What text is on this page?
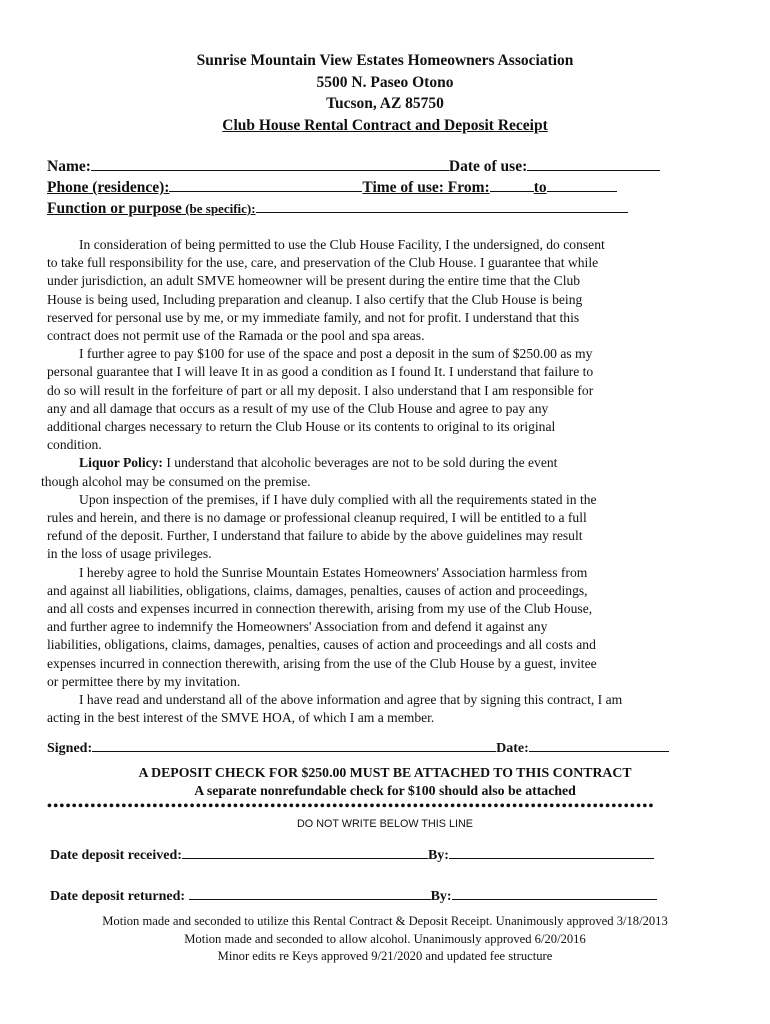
Sunrise Mountain View Estates Homeowners Association
5500 N. Paseo Otono
Tucson, AZ 85750
Club House Rental Contract and Deposit Receipt
Name:	Date of use:
Phone (residence):	Time of use: From:	to
Function or purpose (be specific):
In consideration of being permitted to use the Club House Facility, I the undersigned, do consent
to take full responsibility for the use, care, and preservation of the Club House. I guarantee that while
under jurisdiction, an adult SMVE homeowner will be present during the entire time that the Club
House is being used, Including preparation and cleanup. I also certify that the Club House is being
reserved for personal use by me, or my immediate family, and not for profit. I understand that this
contract does not permit use of the Ramada or the pool and spa areas.
I further agree to pay $100 for use of the space and post a deposit in the sum of $250.00 as my
personal guarantee that I will leave It in as good a condition as I found It. I understand that failure to
do so will result in the forfeiture of part or all my deposit. I also understand that I am responsible for
any and all damage that occurs as a result of my use of the Club House and agree to pay any
additional charges necessary to return the Club House or its contents to original to its original
condition.
Liquor Policy: I understand that alcoholic beverages are not to be sold during the event
though alcohol may be consumed on the premise.
Upon inspection of the premises, if I have duly complied with all the requirements stated in the
rules and herein, and there is no damage or professional cleanup required, I will be entitled to a full
refund of the deposit. Further, I understand that failure to abide by the above guidelines may result
in the loss of usage privileges.
I hereby agree to hold the Sunrise Mountain Estates Homeowners' Association harmless from
and against all liabilities, obligations, claims, damages, penalties, causes of action and proceedings,
and all costs and expenses incurred in connection therewith, arising from my use of the Club House,
and further agree to indemnify the Homeowners' Association from and defend it against any
liabilities, obligations, claims, damages, penalties, causes of action and proceedings and all costs and
expenses incurred in connection therewith, arising from the use of the Club House by a guest, invitee
or permittee there by my invitation.
I have read and understand all of the above information and agree that by signing this contract, I am
acting in the best interest of the SMVE HOA, of which I am a member.
Signed:	Date:
A DEPOSIT CHECK FOR $250.00 MUST BE ATTACHED TO THIS CONTRACT
A separate nonrefundable check for $100 should also be attached
••••••••••••••••••••••••••••••••••••••••••••••••••••••••••••••••••••••••••••••••••••••••••••••••••
DO NOT WRITE BELOW THIS LINE
Date deposit received:	By:
Date deposit returned:	By:
Motion made and seconded to utilize this Rental Contract & Deposit Receipt. Unanimously approved 3/18/2013
Motion made and seconded to allow alcohol. Unanimously approved 6/20/2016
Minor edits re Keys approved 9/21/2020 and updated fee structure
